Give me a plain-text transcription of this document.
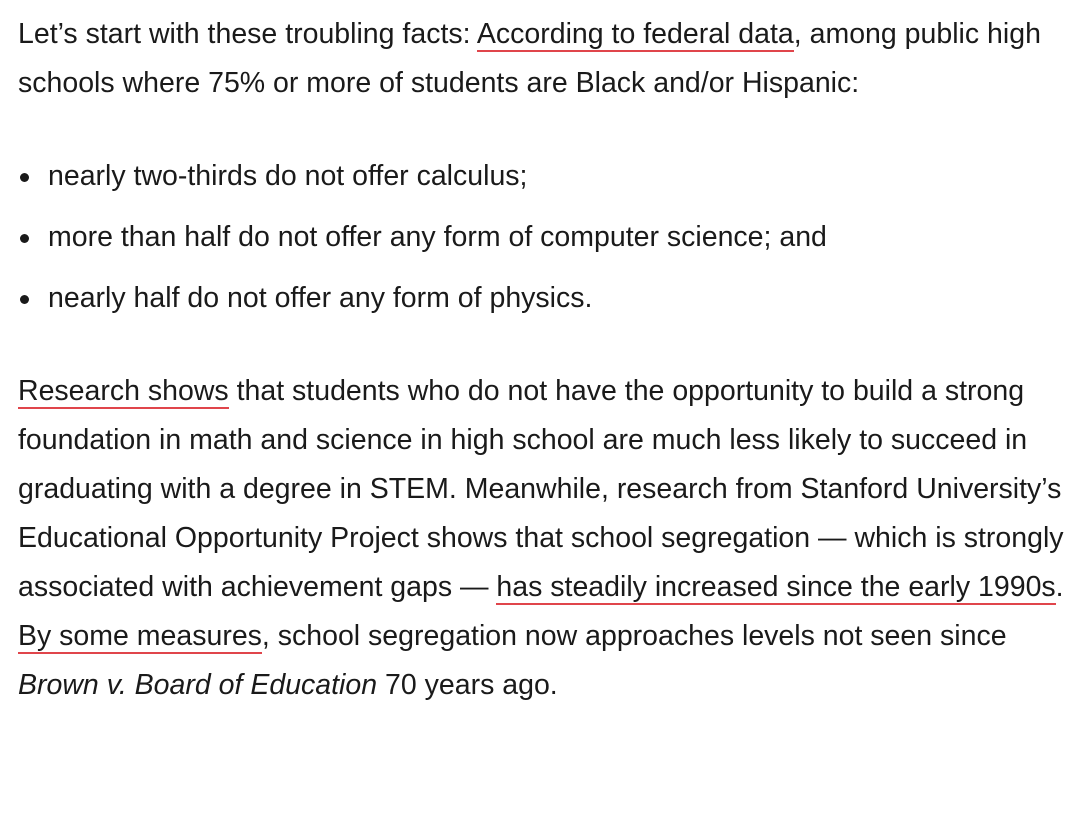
Let’s start with these troubling facts: According to federal data, among public high schools where 75% or more of students are Black and/or Hispanic:

nearly two-thirds do not offer calculus;
more than half do not offer any form of computer science; and
nearly half do not offer any form of physics.

Research shows that students who do not have the opportunity to build a strong foundation in math and science in high school are much less likely to succeed in graduating with a degree in STEM. Meanwhile, research from Stanford University’s Educational Opportunity Project shows that school segregation — which is strongly associated with achievement gaps — has steadily increased since the early 1990s. By some measures, school segregation now approaches levels not seen since Brown v. Board of Education 70 years ago.
